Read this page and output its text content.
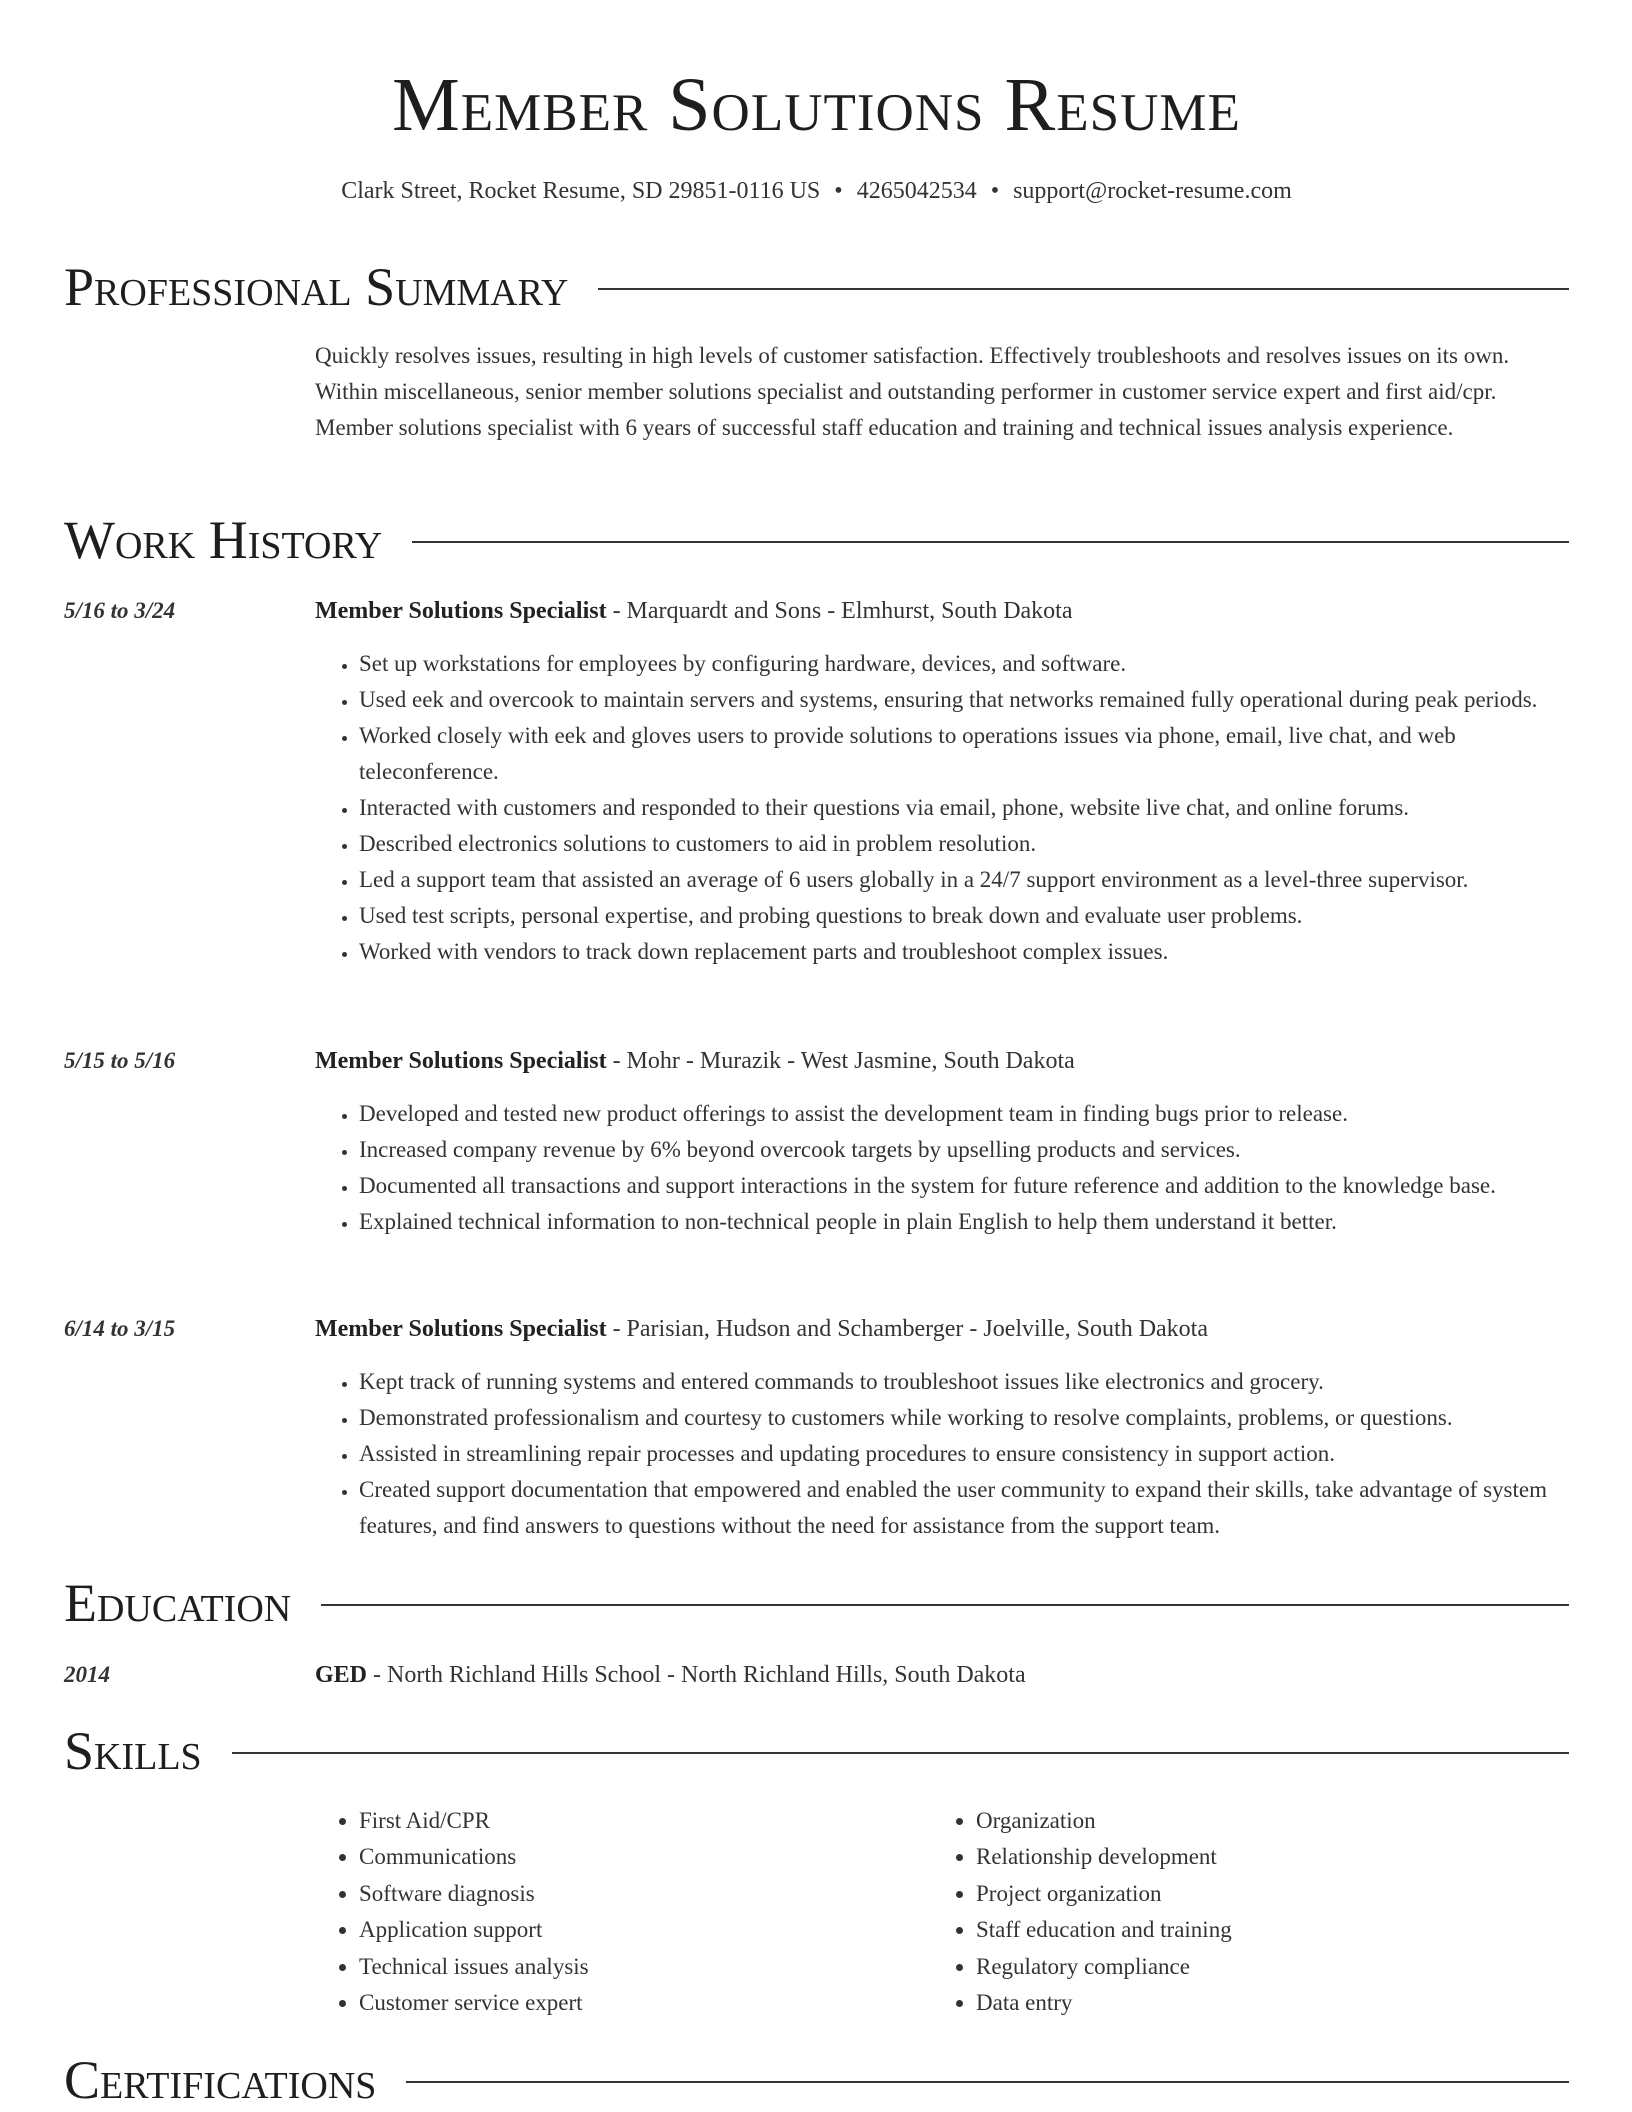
Member Solutions Resume
Clark Street, Rocket Resume, SD 29851-0116 US • 4265042534 • support@rocket-resume.com
Professional Summary
Quickly resolves issues, resulting in high levels of customer satisfaction. Effectively troubleshoots and resolves issues on its own. Within miscellaneous, senior member solutions specialist and outstanding performer in customer service expert and first aid/cpr. Member solutions specialist with 6 years of successful staff education and training and technical issues analysis experience.
Work History
5/16 to 3/24	Member Solutions Specialist - Marquardt and Sons - Elmhurst, South Dakota
• Set up workstations for employees by configuring hardware, devices, and software.
• Used eek and overcook to maintain servers and systems, ensuring that networks remained fully operational during peak periods.
• Worked closely with eek and gloves users to provide solutions to operations issues via phone, email, live chat, and web teleconference.
• Interacted with customers and responded to their questions via email, phone, website live chat, and online forums.
• Described electronics solutions to customers to aid in problem resolution.
• Led a support team that assisted an average of 6 users globally in a 24/7 support environment as a level-three supervisor.
• Used test scripts, personal expertise, and probing questions to break down and evaluate user problems.
• Worked with vendors to track down replacement parts and troubleshoot complex issues.
5/15 to 5/16	Member Solutions Specialist - Mohr - Murazik - West Jasmine, South Dakota
• Developed and tested new product offerings to assist the development team in finding bugs prior to release.
• Increased company revenue by 6% beyond overcook targets by upselling products and services.
• Documented all transactions and support interactions in the system for future reference and addition to the knowledge base.
• Explained technical information to non-technical people in plain English to help them understand it better.
6/14 to 3/15	Member Solutions Specialist - Parisian, Hudson and Schamberger - Joelville, South Dakota
• Kept track of running systems and entered commands to troubleshoot issues like electronics and grocery.
• Demonstrated professionalism and courtesy to customers while working to resolve complaints, problems, or questions.
• Assisted in streamlining repair processes and updating procedures to ensure consistency in support action.
• Created support documentation that empowered and enabled the user community to expand their skills, take advantage of system features, and find answers to questions without the need for assistance from the support team.
Education
2014	GED - North Richland Hills School - North Richland Hills, South Dakota
Skills
• First Aid/CPR
• Communications
• Software diagnosis
• Application support
• Technical issues analysis
• Customer service expert
• Organization
• Relationship development
• Project organization
• Staff education and training
• Regulatory compliance
• Data entry
Certifications
